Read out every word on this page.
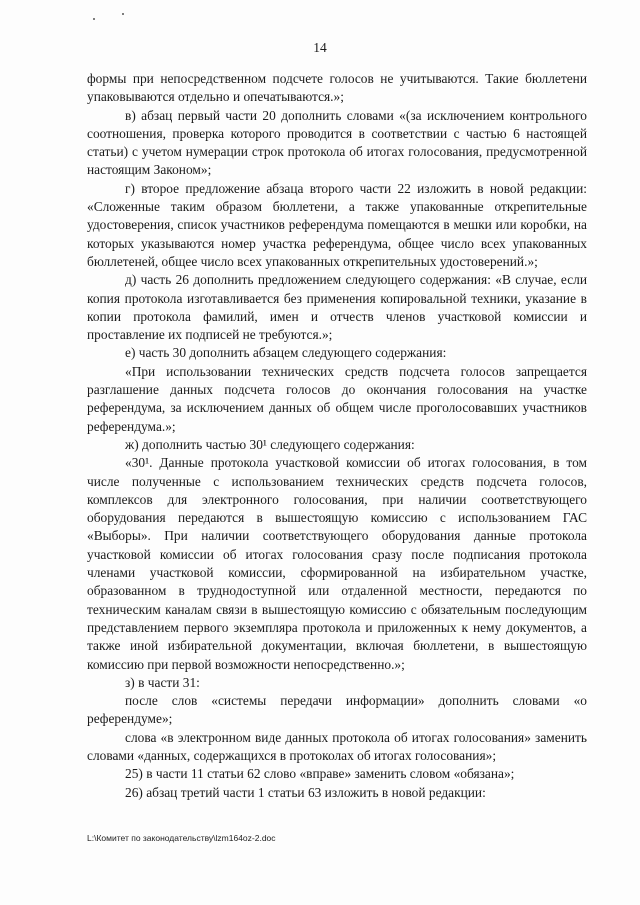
14

формы при непосредственном подсчете голосов не учитываются. Такие бюллетени упаковываются отдельно и опечатываются.»;

в) абзац первый части 20 дополнить словами «(за исключением контрольного соотношения, проверка которого проводится в соответствии с частью 6 настоящей статьи) с учетом нумерации строк протокола об итогах голосования, предусмотренной настоящим Законом»;

г) второе предложение абзаца второго части 22 изложить в новой редакции: «Сложенные таким образом бюллетени, а также упакованные открепительные удостоверения, список участников референдума помещаются в мешки или коробки, на которых указываются номер участка референдума, общее число всех упакованных бюллетеней, общее число всех упакованных открепительных удостоверений.»;

д) часть 26 дополнить предложением следующего содержания: «В случае, если копия протокола изготавливается без применения копировальной техники, указание в копии протокола фамилий, имен и отчеств членов участковой комиссии и проставление их подписей не требуются.»;

е) часть 30 дополнить абзацем следующего содержания:

«При использовании технических средств подсчета голосов запрещается разглашение данных подсчета голосов до окончания голосования на участке референдума, за исключением данных об общем числе проголосовавших участников референдума.»;

ж) дополнить частью 30¹ следующего содержания:

«30¹. Данные протокола участковой комиссии об итогах голосования, в том числе полученные с использованием технических средств подсчета голосов, комплексов для электронного голосования, при наличии соответствующего оборудования передаются в вышестоящую комиссию с использованием ГАС «Выборы». При наличии соответствующего оборудования данные протокола участковой комиссии об итогах голосования сразу после подписания протокола членами участковой комиссии, сформированной на избирательном участке, образованном в труднодоступной или отдаленной местности, передаются по техническим каналам связи в вышестоящую комиссию с обязательным последующим представлением первого экземпляра протокола и приложенных к нему документов, а также иной избирательной документации, включая бюллетени, в вышестоящую комиссию при первой возможности непосредственно.»;

з) в части 31:

после слов «системы передачи информации» дополнить словами «о референдуме»;

слова «в электронном виде данных протокола об итогах голосования» заменить словами «данных, содержащихся в протоколах об итогах голосования»;

25) в части 11 статьи 62 слово «вправе» заменить словом «обязана»;

26) абзац третий части 1 статьи 63 изложить в новой редакции:

L:\Комитет по законодательству\lzm164oz-2.doc
